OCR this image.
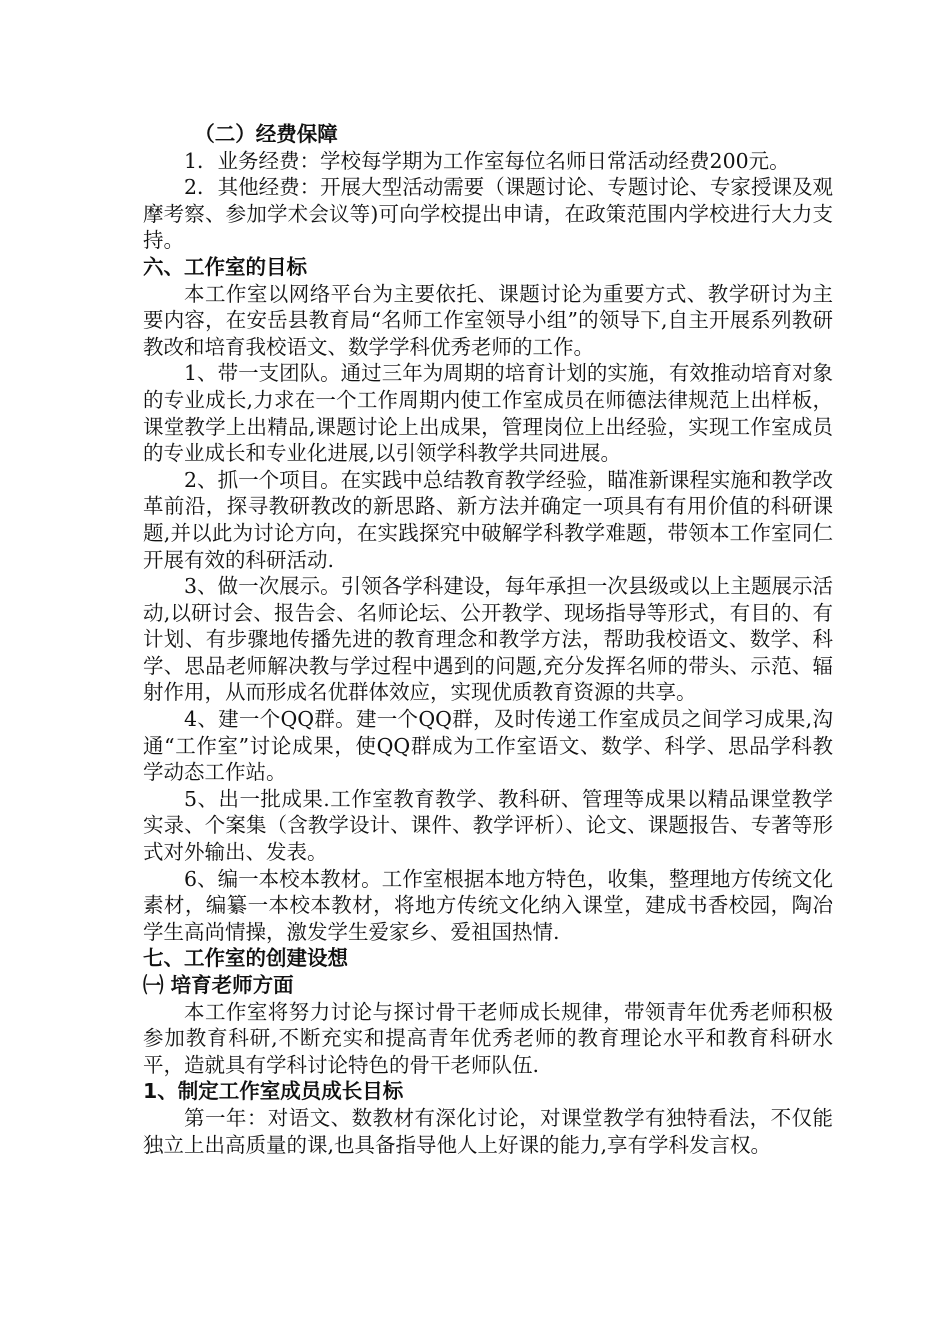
（二）经费保障

1．业务经费：学校每学期为工作室每位名师日常活动经费200元。

2．其他经费：开展大型活动需要（课题讨论、专题讨论、专家授课及观摩考察、参加学术会议等)可向学校提出申请，在政策范围内学校进行大力支持。

六、工作室的目标

本工作室以网络平台为主要依托、课题讨论为重要方式、教学研讨为主要内容，在安岳县教育局“名师工作室领导小组”的领导下,自主开展系列教研教改和培育我校语文、数学学科优秀老师的工作。

1、带一支团队。通过三年为周期的培育计划的实施，有效推动培育对象的专业成长,力求在一个工作周期内使工作室成员在师德法律规范上出样板，课堂教学上出精品,课题讨论上出成果，管理岗位上出经验，实现工作室成员的专业成长和专业化进展,以引领学科教学共同进展。

2、抓一个项目。在实践中总结教育教学经验，瞄准新课程实施和教学改革前沿，探寻教研教改的新思路、新方法并确定一项具有有用价值的科研课题,并以此为讨论方向，在实践探究中破解学科教学难题，带领本工作室同仁开展有效的科研活动.

3、做一次展示。引领各学科建设，每年承担一次县级或以上主题展示活动,以研讨会、报告会、名师论坛、公开教学、现场指导等形式，有目的、有计划、有步骤地传播先进的教育理念和教学方法，帮助我校语文、数学、科学、思品老师解决教与学过程中遇到的问题,充分发挥名师的带头、示范、辐射作用，从而形成名优群体效应，实现优质教育资源的共享。

4、建一个QQ群。建一个QQ群，及时传递工作室成员之间学习成果,沟通“工作室”讨论成果，使QQ群成为工作室语文、数学、科学、思品学科教学动态工作站。

5、出一批成果.工作室教育教学、教科研、管理等成果以精品课堂教学实录、个案集（含教学设计、课件、教学评析）、论文、课题报告、专著等形式对外输出、发表。

6、编一本校本教材。工作室根据本地方特色，收集，整理地方传统文化素材，编纂一本校本教材，将地方传统文化纳入课堂，建成书香校园，陶冶学生高尚情操，激发学生爱家乡、爱祖国热情.

七、工作室的创建设想
㈠ 培育老师方面

本工作室将努力讨论与探讨骨干老师成长规律，带领青年优秀老师积极参加教育科研,不断充实和提高青年优秀老师的教育理论水平和教育科研水平，造就具有学科讨论特色的骨干老师队伍.

1、制定工作室成员成长目标

第一年：对语文、数教材有深化讨论，对课堂教学有独特看法，不仅能独立上出高质量的课,也具备指导他人上好课的能力,享有学科发言权。
